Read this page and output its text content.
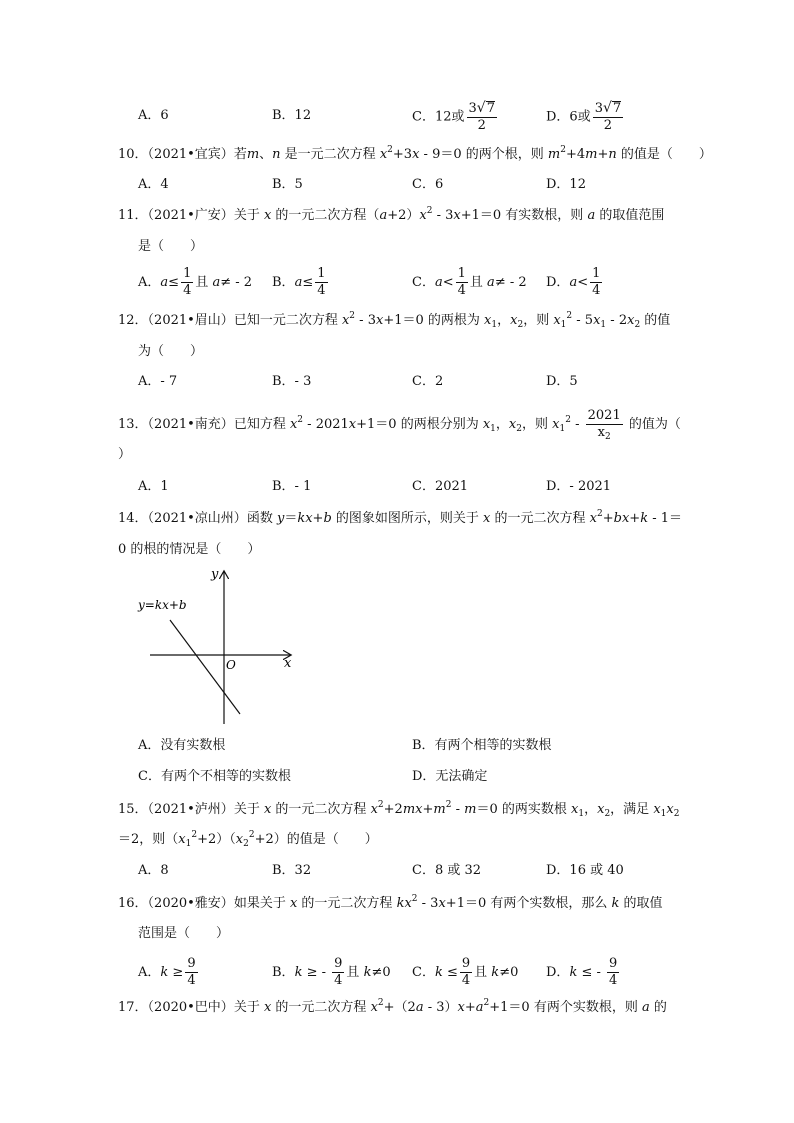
A．6	B．12	C．12或 $\frac{3√7}{2}$	D．6或 $\frac{3√7}{2}$
10．（2021•宜宾）若m、n 是一元二次方程 $x^2+3x - 9=0$ 的两个根，则 $m^2+4m+n$ 的值是（　　）
A．4	B．5	C．6	D．12
11．（2021•广安）关于 x 的一元二次方程$(a+2)x^2 - 3x+1=0$ 有实数根，则 a 的取值范围
是（　　）
A．$a\le \frac{1}{4}$ 且 a≠ - 2 B．$a\le \frac{1}{4}$	C．$a< \frac{1}{4}$ 且 a≠ - 2 D．$a< \frac{1}{4}$
12．（2021•眉山）已知一元二次方程 $x^2 - 3x+1=0$ 的两根为 $x_1$，$x_2$，则 $x_1^2 - 5x_1 - 2x_2$ 的值
为（　　）
A．- 7	B．- 3	C．2	D．5
13．（2021•南充）已知方程 $x^2 - 2021x+1=0$ 的两根分别为 $x_1$，$x_2$，则 $x_1^2 - \frac{2021}{x_2}$ 的值为（
）
A．1	B．- 1	C．2021	D．- 2021
14．（2021•凉山州）函数 y＝kx+b 的图象如图所示，则关于 x 的一元二次方程 $x^2+bx+k - 1=$
0 的根的情况是（　　）
y
x
O
y=kx+b
A．没有实数根	B．有两个相等的实数根
C．有两个不相等的实数根	D．无法确定
15．（2021•泸州）关于 x 的一元二次方程 $x^2+2mx+m^2 - m=0$ 的两实数根 $x_1$，$x_2$，满足 $x_1x_2$
＝2，则$(x_1^2+2)(x_2^2+2)$的值是（　　）
A．8	B．32	C．8 或 32	D．16 或 40
16．（2020•雅安）如果关于 x 的一元二次方程 $kx^2 - 3x+1=0$ 有两个实数根，那么 k 的取值
范围是（　　）
A．$k \ge \frac{9}{4}$	B．k ≥ - $\frac{9}{4}$ 且 k≠0 C．$k \le \frac{9}{4}$ 且 k≠0 D．k ≤ - $\frac{9}{4}$
17．（2020•巴中）关于 x 的一元二次方程 $x^2+(2a - 3)x+a^2+1=0$ 有两个实数根，则 a 的
